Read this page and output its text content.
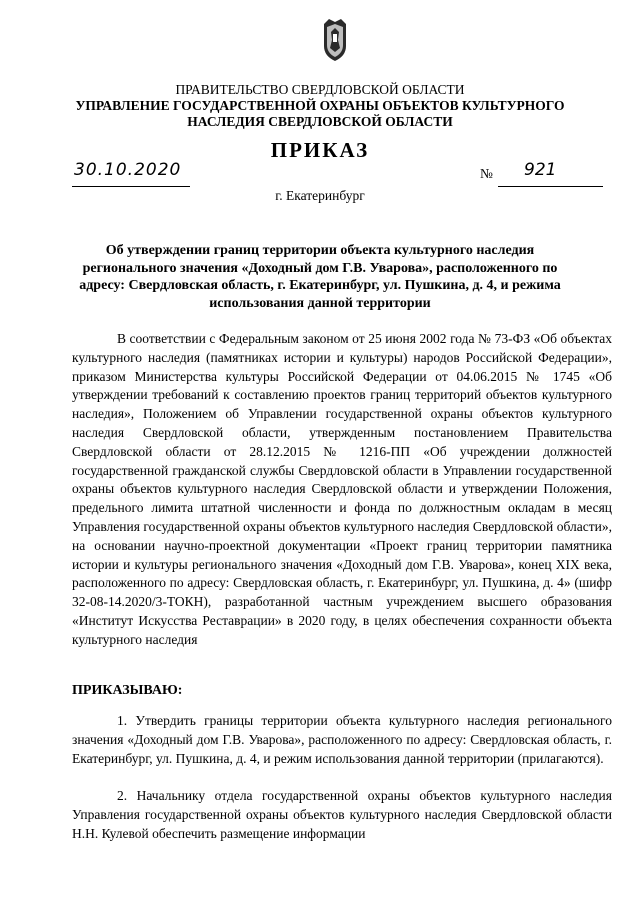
ПРАВИТЕЛЬСТВО СВЕРДЛОВСКОЙ ОБЛАСТИ
УПРАВЛЕНИЕ ГОСУДАРСТВЕННОЙ ОХРАНЫ ОБЪЕКТОВ КУЛЬТУРНОГО НАСЛЕДИЯ СВЕРДЛОВСКОЙ ОБЛАСТИ
ПРИКАЗ
30.10.2020	№ 921
г. Екатеринбург
Об утверждении границ территории объекта культурного наследия регионального значения «Доходный дом Г.В. Уварова», расположенного по адресу: Свердловская область, г. Екатеринбург, ул. Пушкина, д. 4, и режима использования данной территории
В соответствии с Федеральным законом от 25 июня 2002 года № 73-ФЗ «Об объектах культурного наследия (памятниках истории и культуры) народов Российской Федерации», приказом Министерства культуры Российской Федерации от 04.06.2015 № 1745 «Об утверждении требований к составлению проектов границ территорий объектов культурного наследия», Положением об Управлении государственной охраны объектов культурного наследия Свердловской области, утвержденным постановлением Правительства Свердловской области от 28.12.2015 № 1216-ПП «Об учреждении должностей государственной гражданской службы Свердловской области в Управлении государственной охраны объектов культурного наследия Свердловской области и утверждении Положения, предельного лимита штатной численности и фонда по должностным окладам в месяц Управления государственной охраны объектов культурного наследия Свердловской области», на основании научно-проектной документации «Проект границ территории памятника истории и культуры регионального значения «Доходный дом Г.В. Уварова», конец XIX века, расположенного по адресу: Свердловская область, г. Екатеринбург, ул. Пушкина, д. 4» (шифр 32-08-14.2020/3-ТОКН), разработанной частным учреждением высшего образования «Институт Искусства Реставрации» в 2020 году, в целях обеспечения сохранности объекта культурного наследия
ПРИКАЗЫВАЮ:
1. Утвердить границы территории объекта культурного наследия регионального значения «Доходный дом Г.В. Уварова», расположенного по адресу: Свердловская область, г. Екатеринбург, ул. Пушкина, д. 4, и режим использования данной территории (прилагаются).
2. Начальнику отдела государственной охраны объектов культурного наследия Управления государственной охраны объектов культурного наследия Свердловской области Н.Н. Кулевой обеспечить размещение информации
